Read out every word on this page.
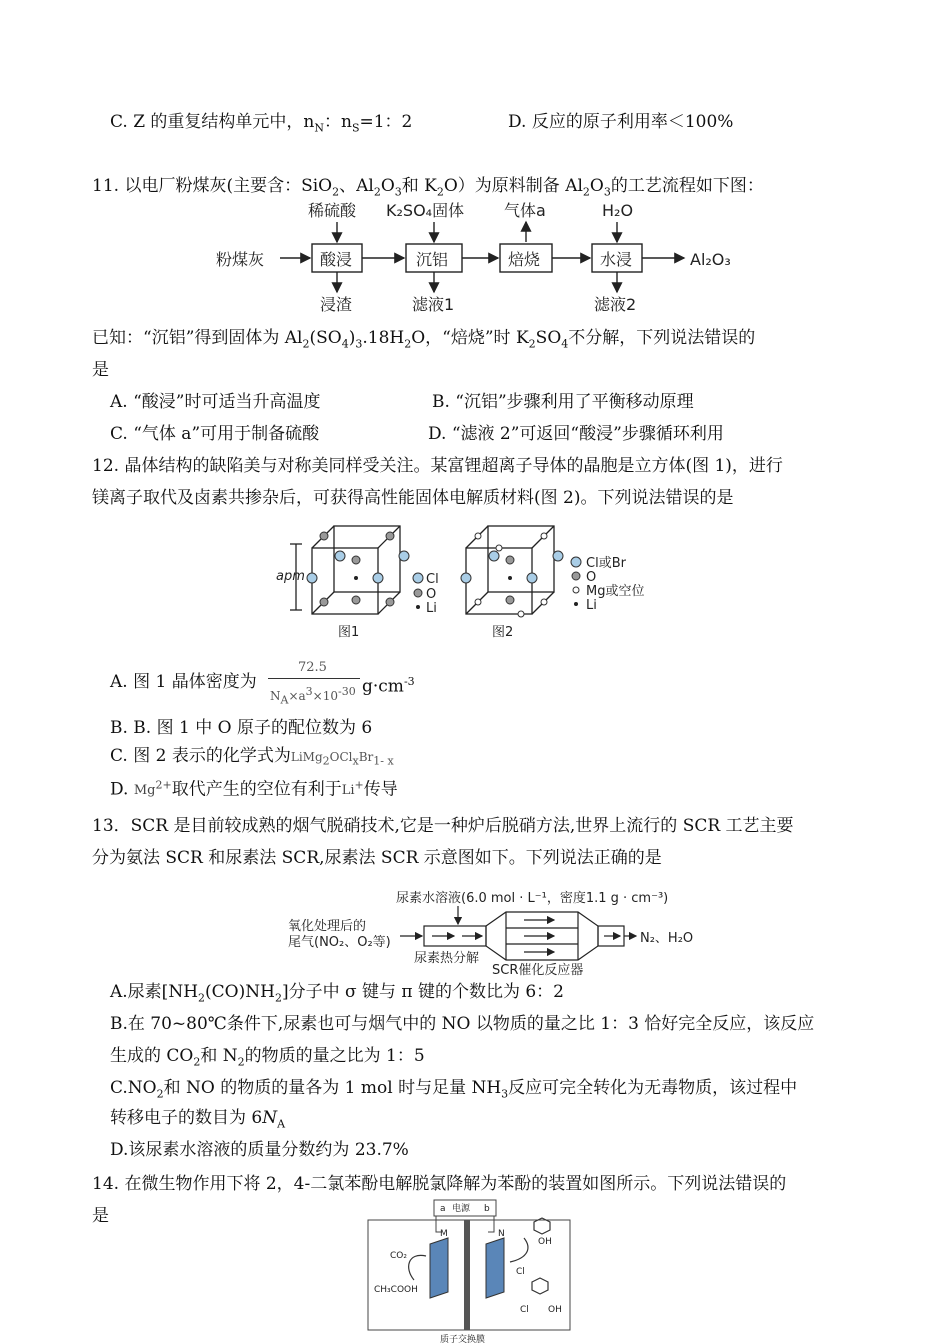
C. Z 的重复结构单元中，$n_N$：$n_S=1$：2	D. 反应的原子利用率＜100%
11. 以电厂粉煤灰(主要含：SiO$_2$、$Al_2O_3$和 $K_2O$）为原料制备 $Al_2O_3$的工艺流程如下图：
粉煤灰
稀硫酸 K₂SO₄固体 气体a	H₂O
酸浸	沉铝	焙烧	水浸	Al₂O₃
浸渣	滤液1	滤液2
已知：“沉铝”得到固体为 $Al_2(SO_4)_3.18H_2O$，“焙烧”时 $K_2SO_4$不分解，下列说法错误的
是
A. “酸浸”时可适当升高温度	B. “沉铝”步骤利用了平衡移动原理
C. “气体 a”可用于制备硫酸	D. “滤液 2”可返回“酸浸”步骤循环利用
12. 晶体结构的缺陷美与对称美同样受关注。某富锂超离子导体的晶胞是立方体(图 1)，进行
镁离子取代及卤素共掺杂后，可获得高性能固体电解质材料(图 2)。下列说法错误的是
apm	Cl
O
Li
Cl或Br
O
Mg或空位
Li
图1	图2
A. 图 1 晶体密度为
72.5
$N_A\times a^3\times 10^{-30}$ $g\cdot cm^{-3}$
B. B. 图 1 中 O 原子的配位数为 6
C. 图 2 表示的化学式为$LiMg_2OCl_xBr_{1- x}$
D. $Mg^{2+}$取代产生的空位有利于Li+传导
13．SCR 是目前较成熟的烟气脱硝技术,它是一种炉后脱硝方法,世界上流行的 SCR 工艺主要
分为氨法 SCR 和尿素法 SCR,尿素法 SCR 示意图如下。下列说法正确的是
尿素水溶液(6.0 mol · L⁻¹，密度1.1 g · cm⁻³)
氧化处理后的
尾气(NO₂、O₂等)
尿素热分解
SCR催化反应器
N₂、H₂O
A.尿素$[NH_2(CO)NH_2]$分子中 σ 键与 π 键的个数比为 6：2
B.在 70~80℃条件下,尿素也可与烟气中的 NO 以物质的量之比 1：3 恰好完全反应，该反应
生成的 $CO_2$和 $N_2$的物质的量之比为 1：5
$C.NO_2$和 NO 的物质的量各为 1 mol 时与足量 $NH_3$反应可完全转化为无毒物质，该过程中
转移电子的数目为 $6N_A$
D.该尿素水溶液的质量分数约为 23.7%
14. 在微生物作用下将 2，4-二氯苯酚电解脱氯降解为苯酚的装置如图所示。下列说法错误的
是	a 电源 b
M	N
CO₂
CH₃COOH
OH
Cl
Cl OH
质子交换膜
